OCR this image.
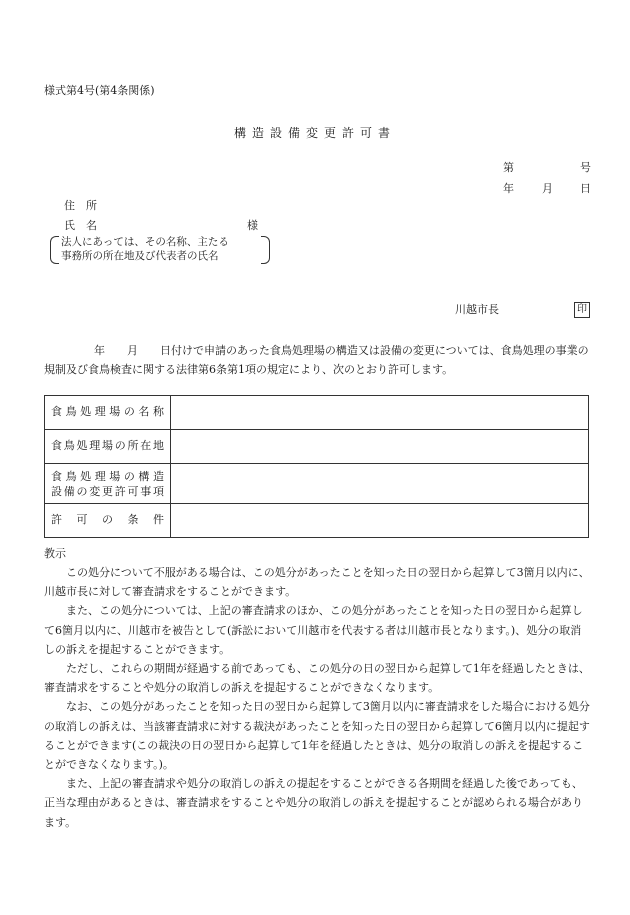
様式第4号(第4条関係)
構造設備変更許可書
第	号
年	月 日
住　所
氏　名	様
法人にあっては、その名称、主たる
事務所の所在地及び代表者の氏名
川越市長	印
年　　月　　日付けで申請のあった食鳥処理場の構造又は設備の変更については、食鳥処理の事業の規制及び食鳥検査に関する法律第6条第1項の規定により、次のとおり許可します。
食鳥処理場の名称	

食鳥処理場の所在地	

食鳥処理場の構造
設備の変更許可事項	

許　可　の　条　件	

教示

この処分について不服がある場合は、この処分があったことを知った日の翌日から起算して3箇月以内に、川越市長に対して審査請求をすることができます。

また、この処分については、上記の審査請求のほか、この処分があったことを知った日の翌日から起算して6箇月以内に、川越市を被告として(訴訟において川越市を代表する者は川越市長となります。)、処分の取消しの訴えを提起することができます。

ただし、これらの期間が経過する前であっても、この処分の日の翌日から起算して1年を経過したときは、審査請求をすることや処分の取消しの訴えを提起することができなくなります。

なお、この処分があったことを知った日の翌日から起算して3箇月以内に審査請求をした場合における処分の取消しの訴えは、当該審査請求に対する裁決があったことを知った日の翌日から起算して6箇月以内に提起することができます(この裁決の日の翌日から起算して1年を経過したときは、処分の取消しの訴えを提起することができなくなります。)。

また、上記の審査請求や処分の取消しの訴えの提起をすることができる各期間を経過した後であっても、正当な理由があるときは、審査請求をすることや処分の取消しの訴えを提起することが認められる場合があります。
